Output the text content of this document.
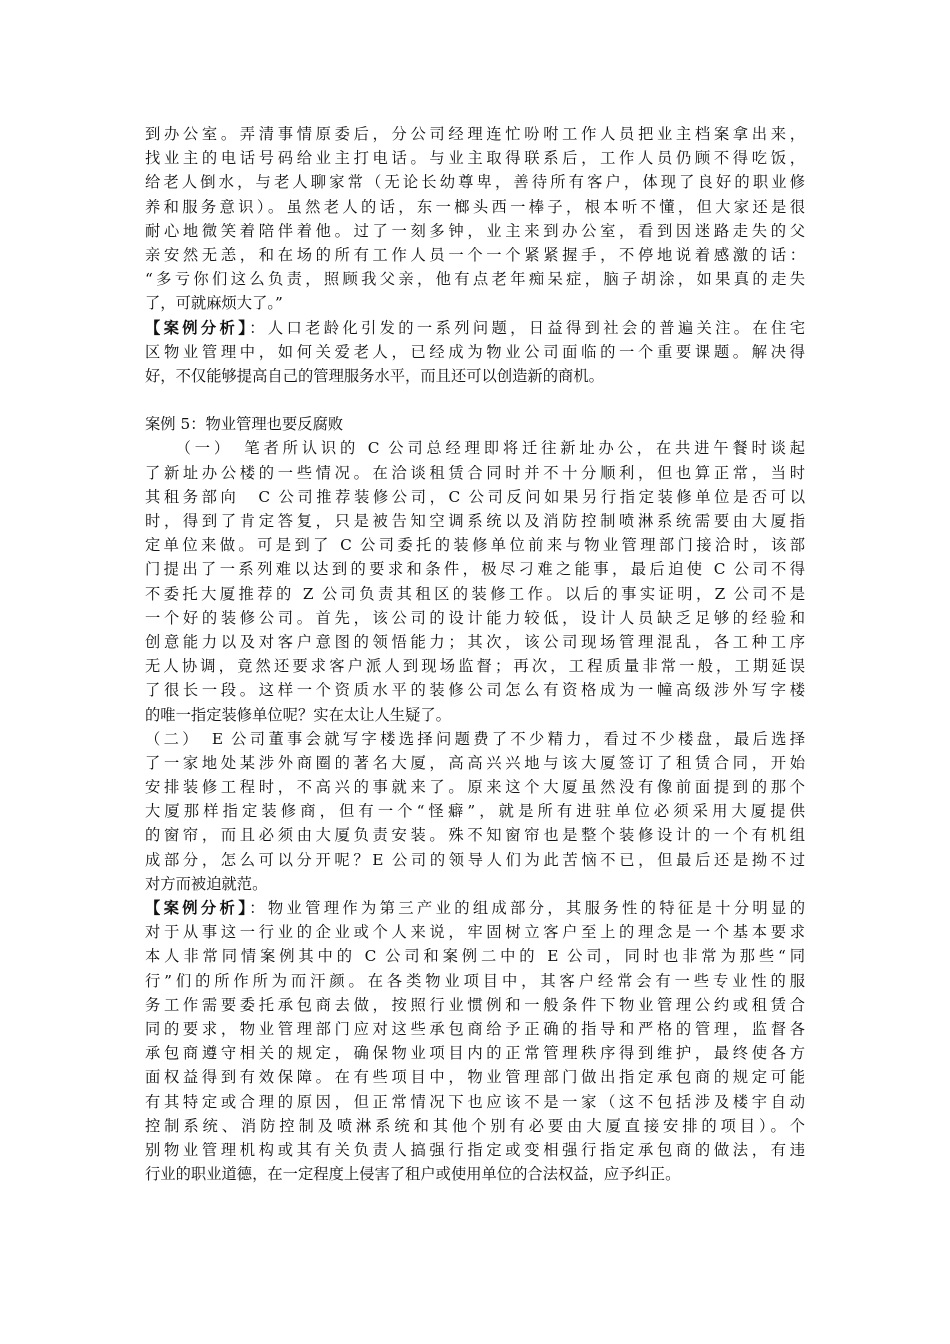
到办公室。弄清事情原委后，分公司经理连忙吩咐工作人员把业主档案拿出来，
找业主的电话号码给业主打电话。与业主取得联系后，工作人员仍顾不得吃饭，
给老人倒水，与老人聊家常（无论长幼尊卑，善待所有客户，体现了良好的职业修
养和服务意识）。虽然老人的话，东一榔头西一棒子，根本听不懂，但大家还是很
耐心地微笑着陪伴着他。过了一刻多钟，业主来到办公室，看到因迷路走失的父
亲安然无恙，和在场的所有工作人员一个一个紧紧握手，不停地说着感激的话：
“多亏你们这么负责，照顾我父亲，他有点老年痴呆症，脑子胡涂，如果真的走失
了，可就麻烦大了。”
【案例分析】：人口老龄化引发的一系列问题，日益得到社会的普遍关注。在住宅
区物业管理中，如何关爱老人，已经成为物业公司面临的一个重要课题。解决得
好，不仅能够提高自己的管理服务水平，而且还可以创造新的商机。
案例 5：物业管理也要反腐败
　　（一）　笔者所认识的 C 公司总经理即将迁往新址办公，在共进午餐时谈起
了新址办公楼的一些情况。在洽谈租赁合同时并不十分顺利，但也算正常，当时
其租务部向　C 公司推荐装修公司，C 公司反问如果另行指定装修单位是否可以
时，得到了肯定答复，只是被告知空调系统以及消防控制喷淋系统需要由大厦指
定单位来做。可是到了 C 公司委托的装修单位前来与物业管理部门接洽时，该部
门提出了一系列难以达到的要求和条件，极尽刁难之能事，最后迫使 C 公司不得
不委托大厦推荐的 Z 公司负责其租区的装修工作。以后的事实证明，Z 公司不是
一个好的装修公司。首先，该公司的设计能力较低，设计人员缺乏足够的经验和
创意能力以及对客户意图的领悟能力；其次，该公司现场管理混乱，各工种工序
无人协调，竟然还要求客户派人到现场监督；再次，工程质量非常一般，工期延误
了很长一段。这样一个资质水平的装修公司怎么有资格成为一幢高级涉外写字楼
的唯一指定装修单位呢？实在太让人生疑了。
（二）　E 公司董事会就写字楼选择问题费了不少精力，看过不少楼盘，最后选择
了一家地处某涉外商圈的著名大厦，高高兴兴地与该大厦签订了租赁合同，开始
安排装修工程时，不高兴的事就来了。原来这个大厦虽然没有像前面提到的那个
大厦那样指定装修商，但有一个“怪癖”，就是所有进驻单位必须采用大厦提供
的窗帘，而且必须由大厦负责安装。殊不知窗帘也是整个装修设计的一个有机组
成部分，怎么可以分开呢？E 公司的领导人们为此苦恼不已，但最后还是拗不过
对方而被迫就范。
【案例分析】：物业管理作为第三产业的组成部分，其服务性的特征是十分明显的
对于从事这一行业的企业或个人来说，牢固树立客户至上的理念是一个基本要求
本人非常同情案例其中的 C 公司和案例二中的 E 公司，同时也非常为那些“同
行”们的所作所为而汗颜。在各类物业项目中，其客户经常会有一些专业性的服
务工作需要委托承包商去做，按照行业惯例和一般条件下物业管理公约或租赁合
同的要求，物业管理部门应对这些承包商给予正确的指导和严格的管理，监督各
承包商遵守相关的规定，确保物业项目内的正常管理秩序得到维护，最终使各方
面权益得到有效保障。在有些项目中，物业管理部门做出指定承包商的规定可能
有其特定或合理的原因，但正常情况下也应该不是一家（这不包括涉及楼宇自动
控制系统、消防控制及喷淋系统和其他个别有必要由大厦直接安排的项目）。个
别物业管理机构或其有关负责人搞强行指定或变相强行指定承包商的做法，有违
行业的职业道德，在一定程度上侵害了租户或使用单位的合法权益，应予纠正。
